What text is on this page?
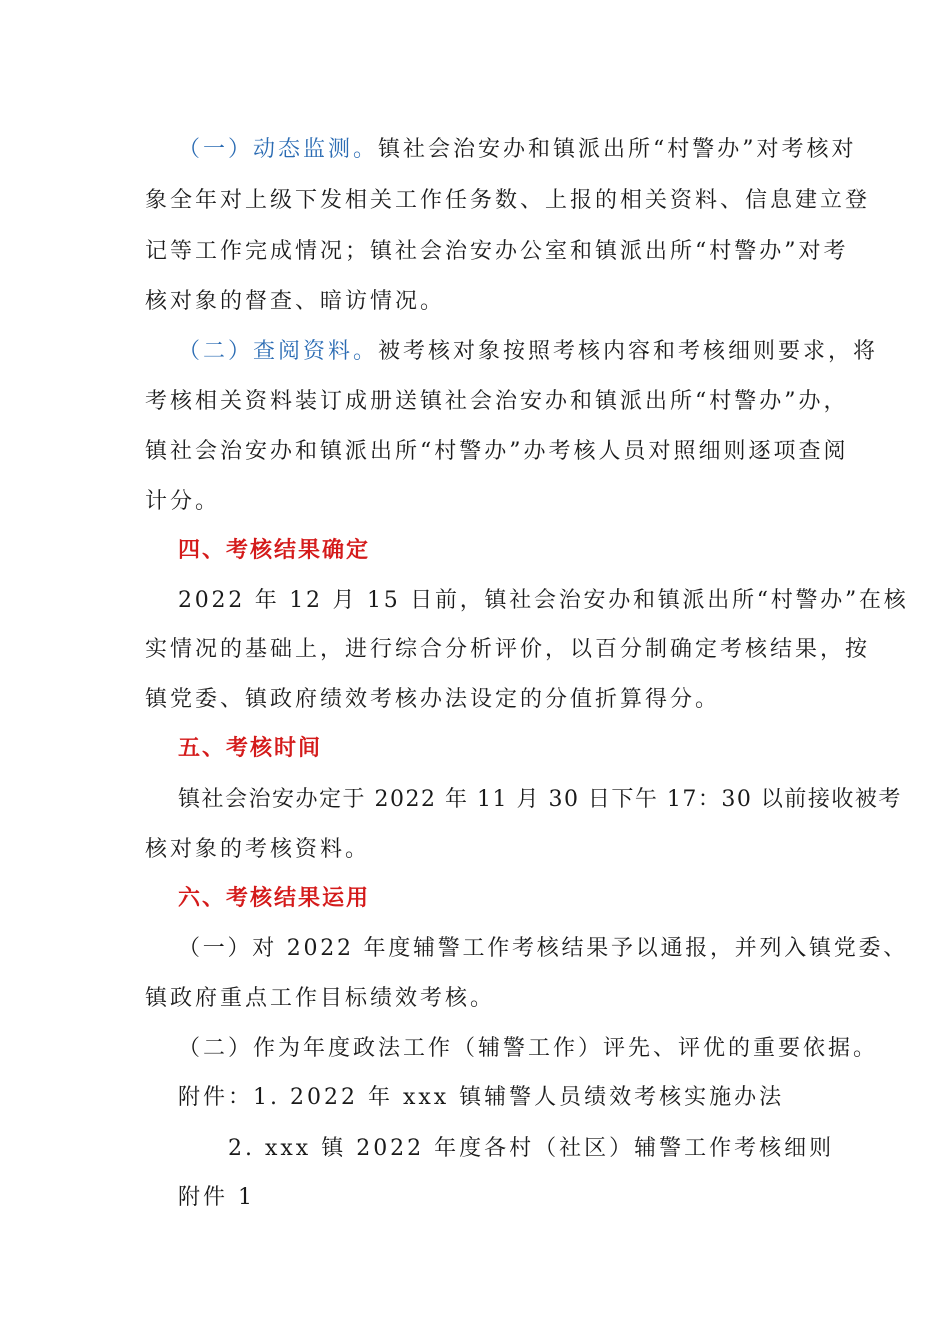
（一）动态监测。镇社会治安办和镇派出所“村警办”对考核对
象全年对上级下发相关工作任务数、上报的相关资料、信息建立登
记等工作完成情况；镇社会治安办公室和镇派出所“村警办”对考
核对象的督查、暗访情况。
（二）查阅资料。被考核对象按照考核内容和考核细则要求，将
考核相关资料装订成册送镇社会治安办和镇派出所“村警办”办，
镇社会治安办和镇派出所“村警办”办考核人员对照细则逐项查阅
计分。
四、考核结果确定
2022 年 12 月 15 日前，镇社会治安办和镇派出所“村警办”在核
实情况的基础上，进行综合分析评价，以百分制确定考核结果，按
镇党委、镇政府绩效考核办法设定的分值折算得分。
五、考核时间
镇社会治安办定于 2022 年 11 月 30 日下午 17：30 以前接收被考
核对象的考核资料。
六、考核结果运用
（一）对 2022 年度辅警工作考核结果予以通报，并列入镇党委、
镇政府重点工作目标绩效考核。
（二）作为年度政法工作（辅警工作）评先、评优的重要依据。
附件：1. 2022 年 xxx 镇辅警人员绩效考核实施办法
2. xxx 镇 2022 年度各村（社区）辅警工作考核细则
附件 1
